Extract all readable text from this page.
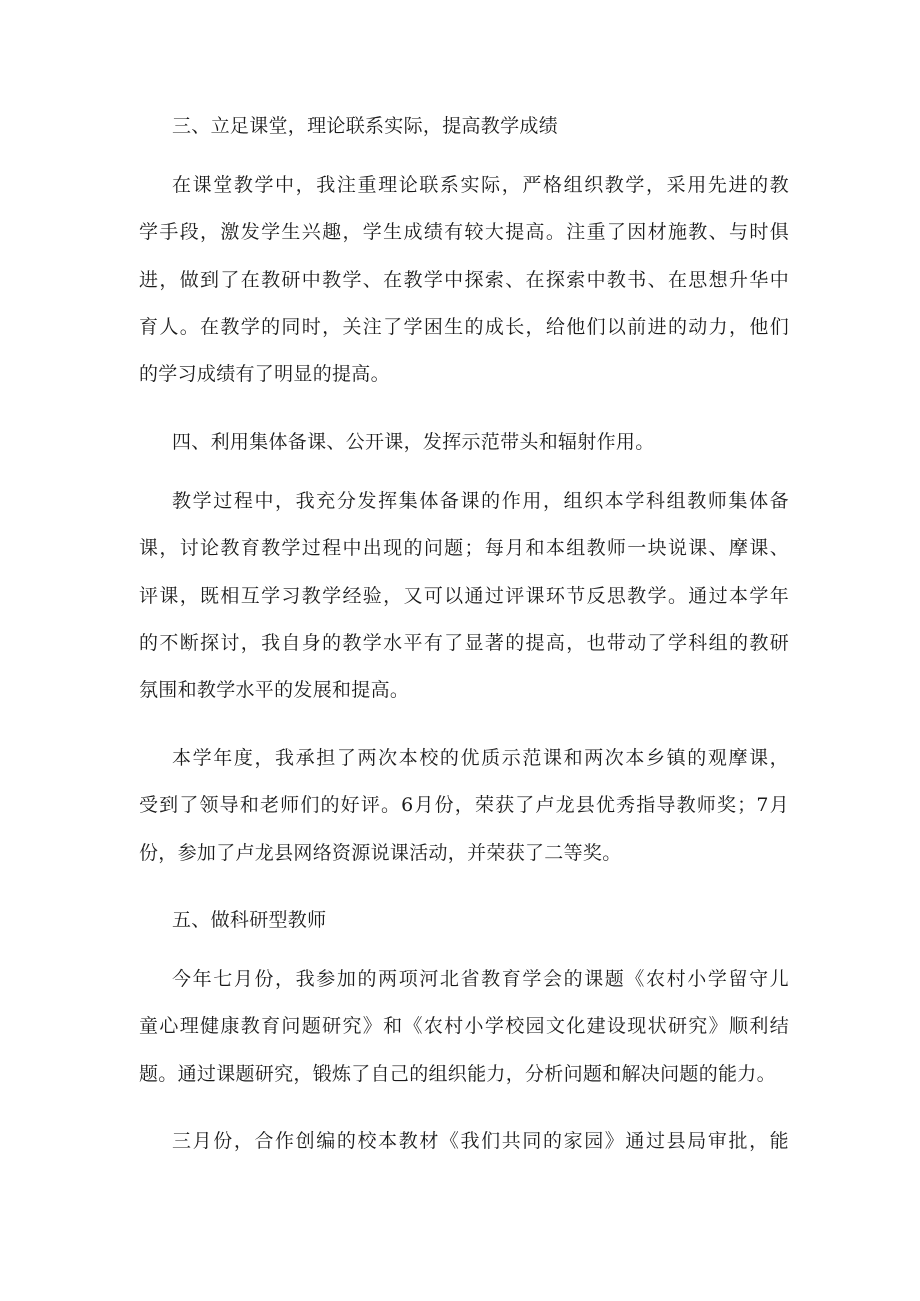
三、立足课堂，理论联系实际，提高教学成绩
在课堂教学中，我注重理论联系实际，严格组织教学，采用先进的教
学手段，激发学生兴趣，学生成绩有较大提高。注重了因材施教、与时俱
进，做到了在教研中教学、在教学中探索、在探索中教书、在思想升华中
育人。在教学的同时，关注了学困生的成长，给他们以前进的动力，他们
的学习成绩有了明显的提高。
四、利用集体备课、公开课，发挥示范带头和辐射作用。
教学过程中，我充分发挥集体备课的作用，组织本学科组教师集体备
课，讨论教育教学过程中出现的问题；每月和本组教师一块说课、摩课、
评课，既相互学习教学经验，又可以通过评课环节反思教学。通过本学年
的不断探讨，我自身的教学水平有了显著的提高，也带动了学科组的教研
氛围和教学水平的发展和提高。
本学年度，我承担了两次本校的优质示范课和两次本乡镇的观摩课，
受到了领导和老师们的好评。6月份，荣获了卢龙县优秀指导教师奖；7月
份，参加了卢龙县网络资源说课活动，并荣获了二等奖。
五、做科研型教师
今年七月份，我参加的两项河北省教育学会的课题《农村小学留守儿
童心理健康教育问题研究》和《农村小学校园文化建设现状研究》顺利结
题。通过课题研究，锻炼了自己的组织能力，分析问题和解决问题的能力。
三月份，合作创编的校本教材《我们共同的家园》通过县局审批，能
